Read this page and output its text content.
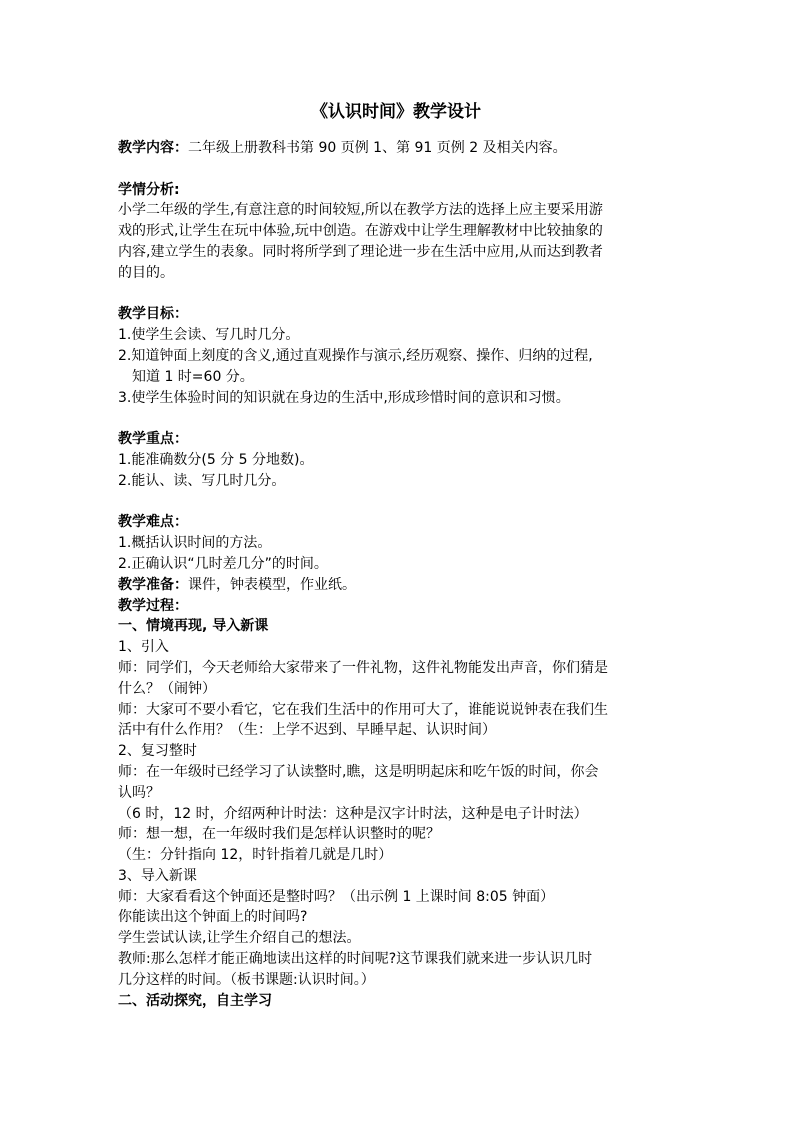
《认识时间》教学设计

教学内容：二年级上册教科书第 90 页例 1、第 91 页例 2 及相关内容。

学情分析:

小学二年级的学生,有意注意的时间较短,所以在教学方法的选择上应主要采用游

戏的形式,让学生在玩中体验,玩中创造。在游戏中让学生理解教材中比较抽象的

内容,建立学生的表象。同时将所学到了理论进一步在生活中应用,从而达到教者

的目的。

教学目标：

1.使学生会读、写几时几分。

2.知道钟面上刻度的含义,通过直观操作与演示,经历观察、操作、归纳的过程,

知道 1 时=60 分。

3.使学生体验时间的知识就在身边的生活中,形成珍惜时间的意识和习惯。

教学重点：

1.能准确数分(5 分 5 分地数)。

2.能认、读、写几时几分。

教学难点：

1.概括认识时间的方法。

2.正确认识“几时差几分”的时间。

教学准备：课件，钟表模型，作业纸。

教学过程：

一、情境再现, 导入新课

1、引入

师：同学们，今天老师给大家带来了一件礼物，这件礼物能发出声音，你们猜是

什么？（闹钟）

师：大家可不要小看它，它在我们生活中的作用可大了，谁能说说钟表在我们生

活中有什么作用？（生：上学不迟到、早睡早起、认识时间）

2、复习整时

师：在一年级时已经学习了认读整时,瞧，这是明明起床和吃午饭的时间，你会

认吗？

（6 时，12 时，介绍两种计时法：这种是汉字计时法，这种是电子计时法）

师：想一想，在一年级时我们是怎样认识整时的呢？

（生：分针指向 12，时针指着几就是几时）

3、导入新课

师：大家看看这个钟面还是整时吗？（出示例 1 上课时间 8:05 钟面）

你能读出这个钟面上的时间吗?

学生尝试认读,让学生介绍自己的想法。

教师:那么怎样才能正确地读出这样的时间呢?这节课我们就来进一步认识几时

几分这样的时间。（板书课题:认识时间。）

二、活动探究，自主学习
